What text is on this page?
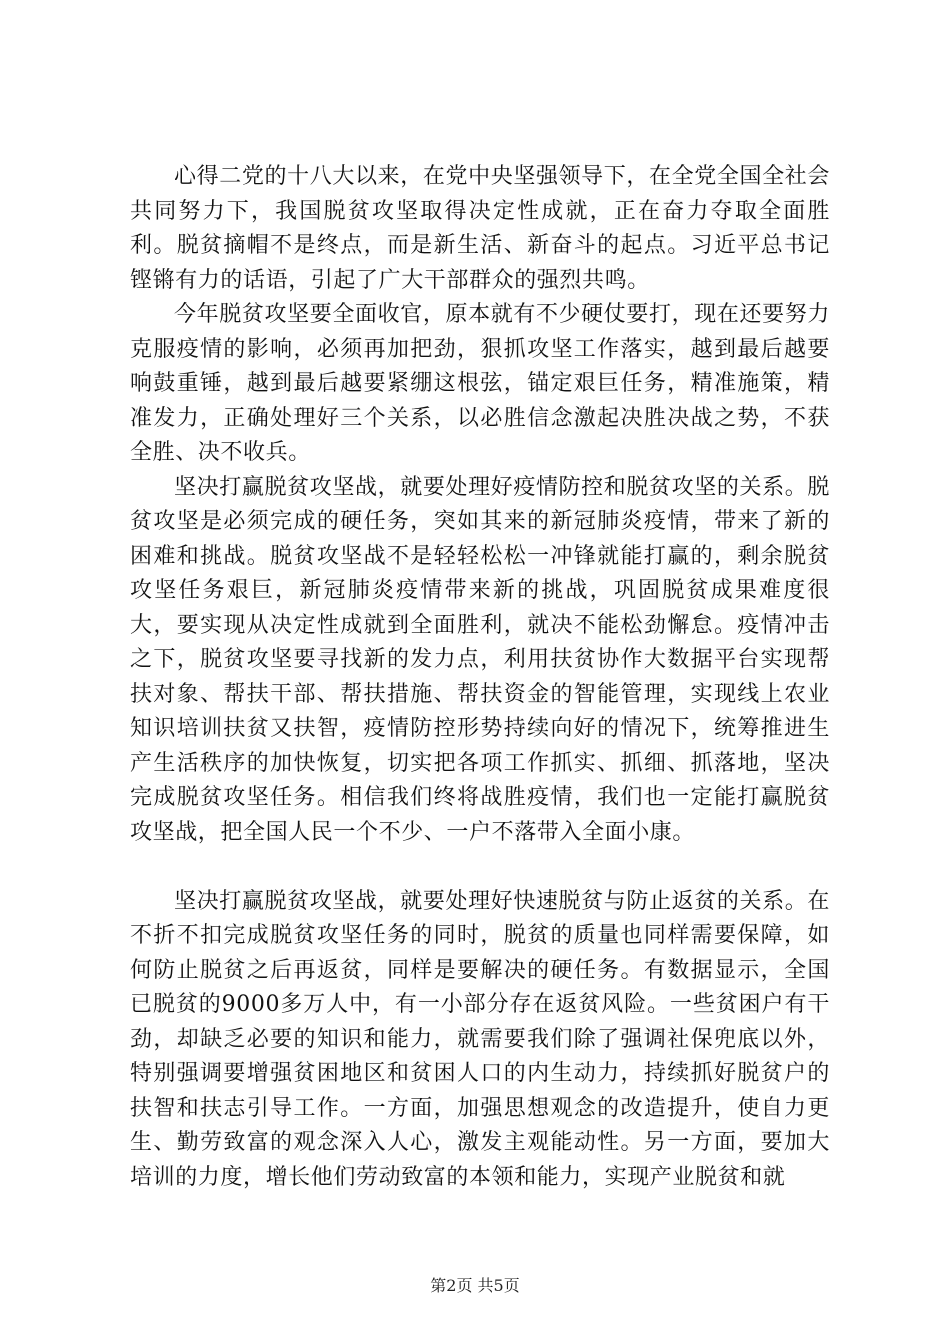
心得二党的十八大以来，在党中央坚强领导下，在全党全国全社会共同努力下，我国脱贫攻坚取得决定性成就，正在奋力夺取全面胜利。脱贫摘帽不是终点，而是新生活、新奋斗的起点。习近平总书记铿锵有力的话语，引起了广大干部群众的强烈共鸣。

今年脱贫攻坚要全面收官，原本就有不少硬仗要打，现在还要努力克服疫情的影响，必须再加把劲，狠抓攻坚工作落实，越到最后越要响鼓重锤，越到最后越要紧绷这根弦，锚定艰巨任务，精准施策，精准发力，正确处理好三个关系，以必胜信念激起决胜决战之势，不获全胜、决不收兵。

坚决打赢脱贫攻坚战，就要处理好疫情防控和脱贫攻坚的关系。脱贫攻坚是必须完成的硬任务，突如其来的新冠肺炎疫情，带来了新的困难和挑战。脱贫攻坚战不是轻轻松松一冲锋就能打赢的，剩余脱贫攻坚任务艰巨，新冠肺炎疫情带来新的挑战，巩固脱贫成果难度很大，要实现从决定性成就到全面胜利，就决不能松劲懈怠。疫情冲击之下，脱贫攻坚要寻找新的发力点，利用扶贫协作大数据平台实现帮扶对象、帮扶干部、帮扶措施、帮扶资金的智能管理，实现线上农业知识培训扶贫又扶智，疫情防控形势持续向好的情况下，统筹推进生产生活秩序的加快恢复，切实把各项工作抓实、抓细、抓落地，坚决完成脱贫攻坚任务。相信我们终将战胜疫情，我们也一定能打赢脱贫攻坚战，把全国人民一个不少、一户不落带入全面小康。

坚决打赢脱贫攻坚战，就要处理好快速脱贫与防止返贫的关系。在不折不扣完成脱贫攻坚任务的同时，脱贫的质量也同样需要保障，如何防止脱贫之后再返贫，同样是要解决的硬任务。有数据显示，全国已脱贫的9000多万人中，有一小部分存在返贫风险。一些贫困户有干劲，却缺乏必要的知识和能力，就需要我们除了强调社保兜底以外，特别强调要增强贫困地区和贫困人口的内生动力，持续抓好脱贫户的扶智和扶志引导工作。一方面，加强思想观念的改造提升，使自力更生、勤劳致富的观念深入人心，激发主观能动性。另一方面，要加大培训的力度，增长他们劳动致富的本领和能力，实现产业脱贫和就

第2页 共5页
